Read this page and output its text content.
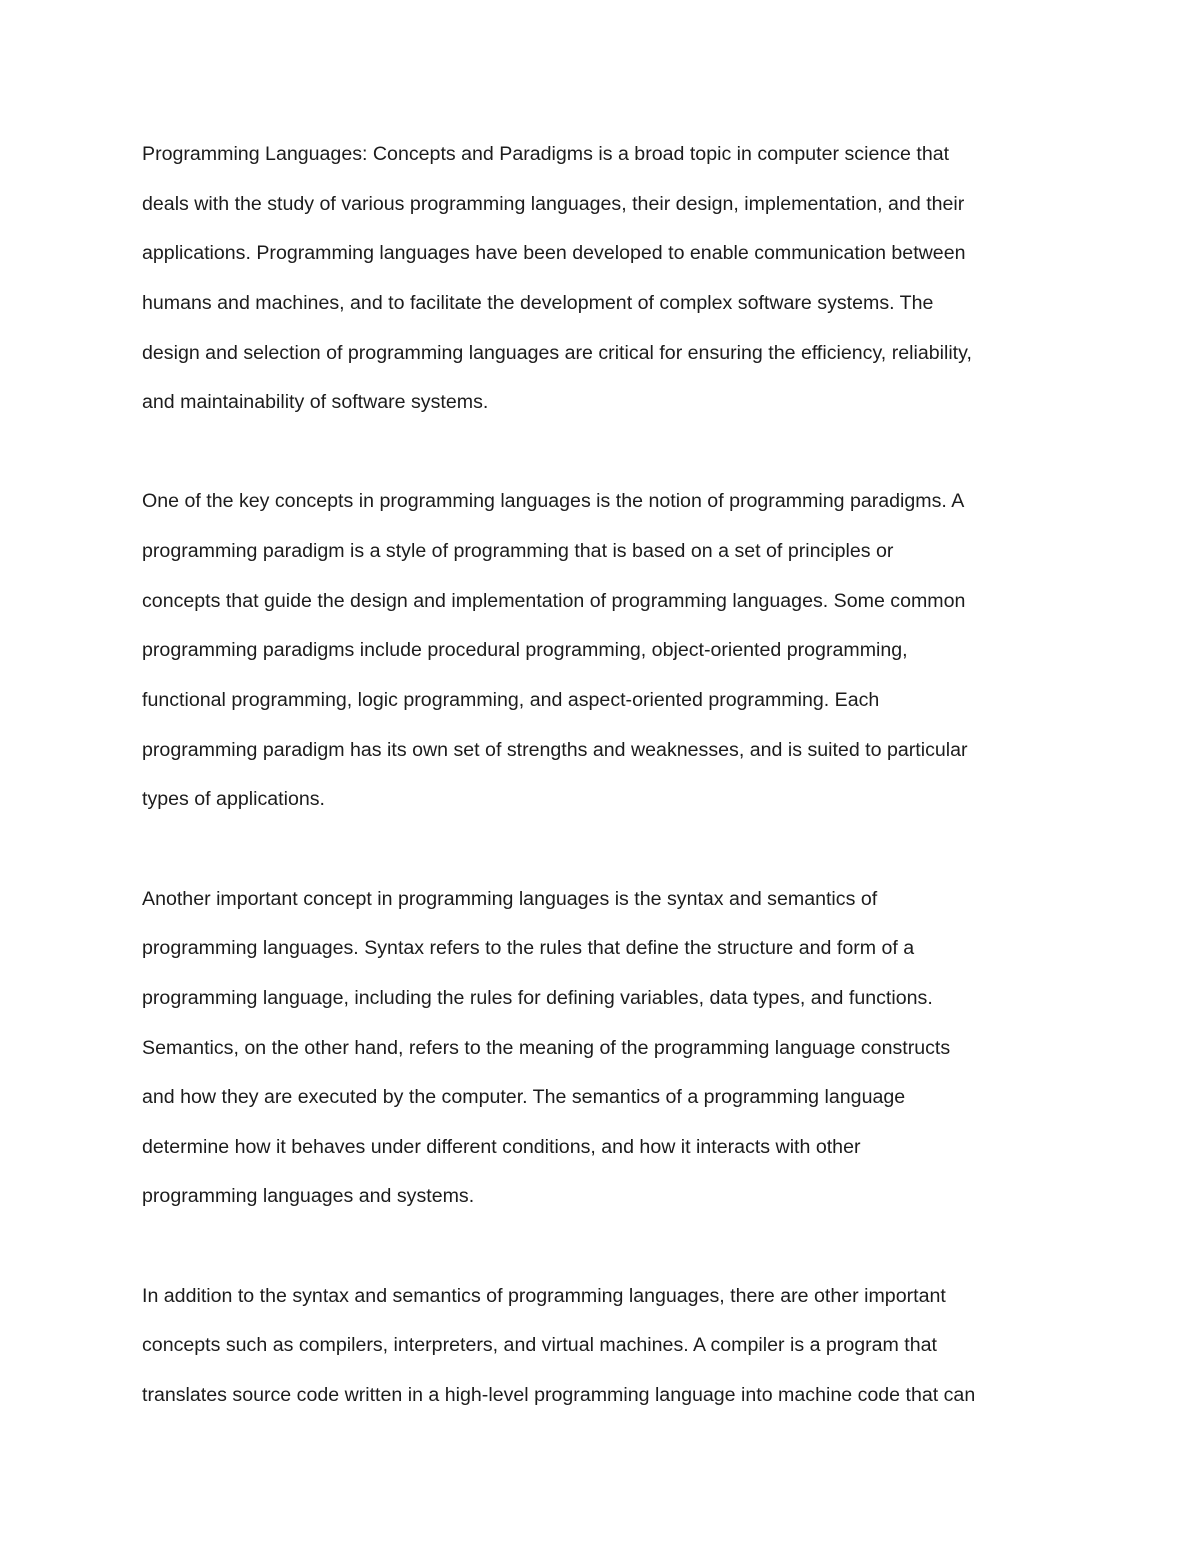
Programming Languages: Concepts and Paradigms is a broad topic in computer science that
deals with the study of various programming languages, their design, implementation, and their
applications. Programming languages have been developed to enable communication between
humans and machines, and to facilitate the development of complex software systems. The
design and selection of programming languages are critical for ensuring the efficiency, reliability,
and maintainability of software systems.
One of the key concepts in programming languages is the notion of programming paradigms. A
programming paradigm is a style of programming that is based on a set of principles or
concepts that guide the design and implementation of programming languages. Some common
programming paradigms include procedural programming, object-oriented programming,
functional programming, logic programming, and aspect-oriented programming. Each
programming paradigm has its own set of strengths and weaknesses, and is suited to particular
types of applications.
Another important concept in programming languages is the syntax and semantics of
programming languages. Syntax refers to the rules that define the structure and form of a
programming language, including the rules for defining variables, data types, and functions.
Semantics, on the other hand, refers to the meaning of the programming language constructs
and how they are executed by the computer. The semantics of a programming language
determine how it behaves under different conditions, and how it interacts with other
programming languages and systems.
In addition to the syntax and semantics of programming languages, there are other important
concepts such as compilers, interpreters, and virtual machines. A compiler is a program that
translates source code written in a high-level programming language into machine code that can
